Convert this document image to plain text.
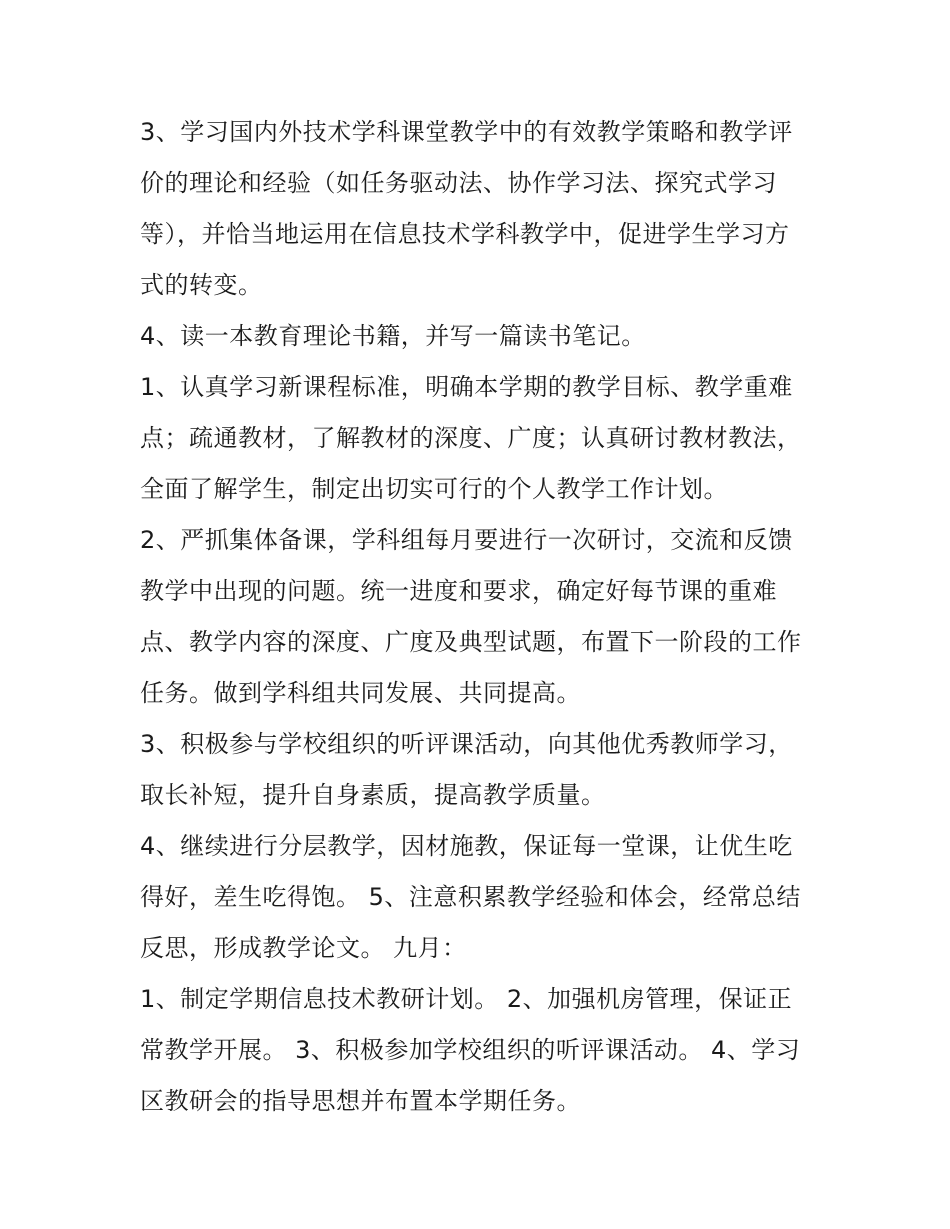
3、学习国内外技术学科课堂教学中的有效教学策略和教学评
价的理论和经验（如任务驱动法、协作学习法、探究式学习
等），并恰当地运用在信息技术学科教学中，促进学生学习方
式的转变。
4、读一本教育理论书籍，并写一篇读书笔记。
1、认真学习新课程标准，明确本学期的教学目标、教学重难
点；疏通教材，了解教材的深度、广度；认真研讨教材教法，
全面了解学生，制定出切实可行的个人教学工作计划。
2、严抓集体备课，学科组每月要进行一次研讨，交流和反馈
教学中出现的问题。统一进度和要求，确定好每节课的重难
点、教学内容的深度、广度及典型试题，布置下一阶段的工作
任务。做到学科组共同发展、共同提高。
3、积极参与学校组织的听评课活动，向其他优秀教师学习，
取长补短，提升自身素质，提高教学质量。
4、继续进行分层教学，因材施教，保证每一堂课，让优生吃
得好，差生吃得饱。 5、注意积累教学经验和体会，经常总结
反思，形成教学论文。 九月：
1、制定学期信息技术教研计划。 2、加强机房管理，保证正
常教学开展。 3、积极参加学校组织的听评课活动。 4、学习
区教研会的指导思想并布置本学期任务。
